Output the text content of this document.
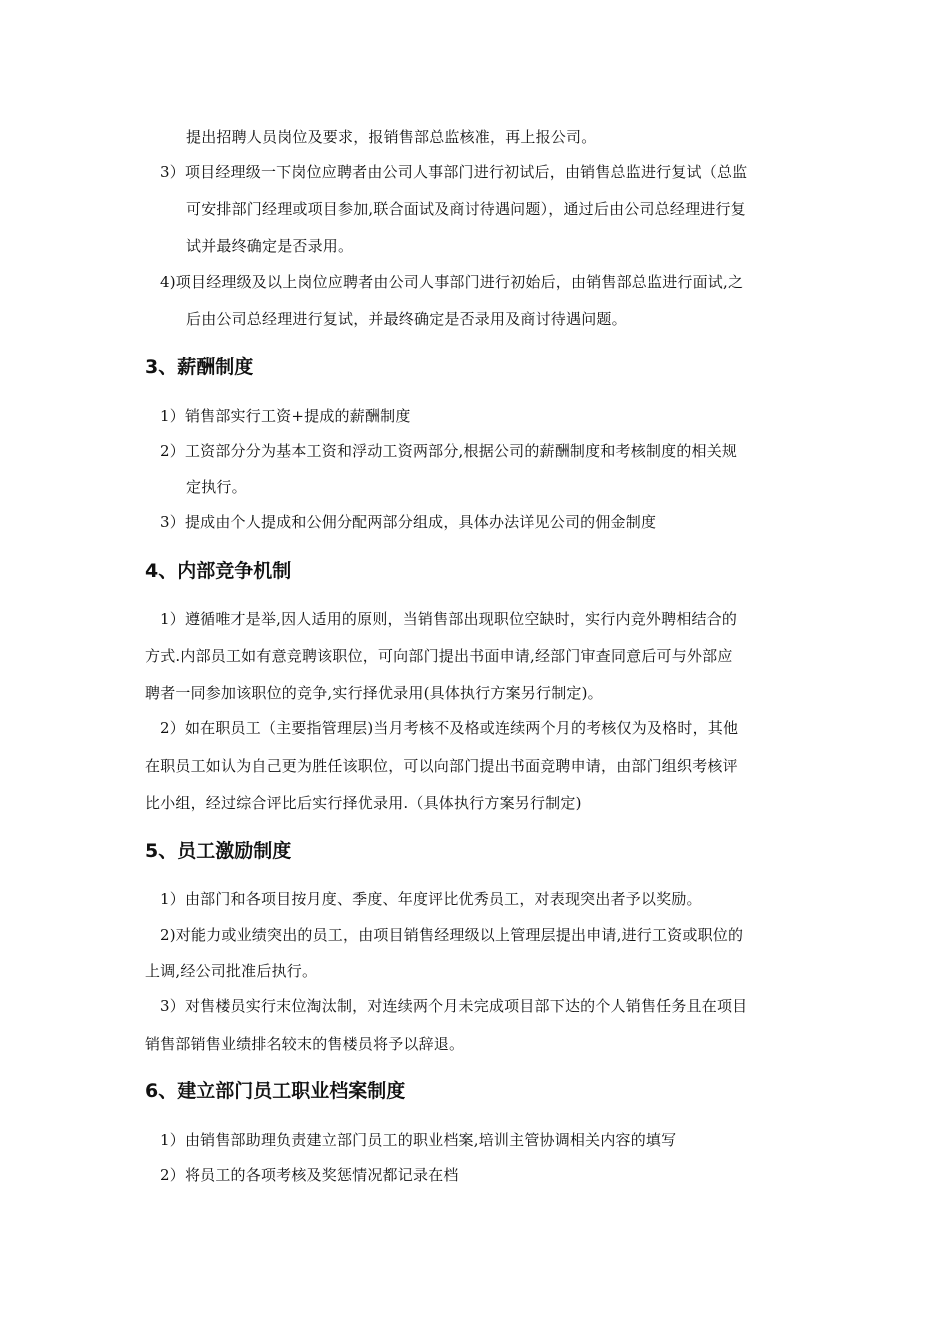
提出招聘人员岗位及要求，报销售部总监核准，再上报公司。
3）项目经理级一下岗位应聘者由公司人事部门进行初试后，由销售总监进行复试（总监
可安排部门经理或项目参加,联合面试及商讨待遇问题），通过后由公司总经理进行复
试并最终确定是否录用。
4)项目经理级及以上岗位应聘者由公司人事部门进行初始后，由销售部总监进行面试,之
后由公司总经理进行复试，并最终确定是否录用及商讨待遇问题。
3、薪酬制度
1）销售部实行工资+提成的薪酬制度
2）工资部分分为基本工资和浮动工资两部分,根据公司的薪酬制度和考核制度的相关规
定执行。
3）提成由个人提成和公佣分配两部分组成，具体办法详见公司的佣金制度
4、内部竞争机制
1）遵循唯才是举,因人适用的原则，当销售部出现职位空缺时，实行内竞外聘相结合的
方式.内部员工如有意竞聘该职位，可向部门提出书面申请,经部门审查同意后可与外部应
聘者一同参加该职位的竞争,实行择优录用(具体执行方案另行制定)。
2）如在职员工（主要指管理层)当月考核不及格或连续两个月的考核仅为及格时，其他
在职员工如认为自己更为胜任该职位，可以向部门提出书面竞聘申请，由部门组织考核评
比小组，经过综合评比后实行择优录用.（具体执行方案另行制定)
5、员工激励制度
1）由部门和各项目按月度、季度、年度评比优秀员工，对表现突出者予以奖励。
2)对能力或业绩突出的员工，由项目销售经理级以上管理层提出申请,进行工资或职位的
上调,经公司批准后执行。
3）对售楼员实行末位淘汰制，对连续两个月未完成项目部下达的个人销售任务且在项目
销售部销售业绩排名较末的售楼员将予以辞退。
6、建立部门员工职业档案制度
1）由销售部助理负责建立部门员工的职业档案,培训主管协调相关内容的填写
2）将员工的各项考核及奖惩情况都记录在档
